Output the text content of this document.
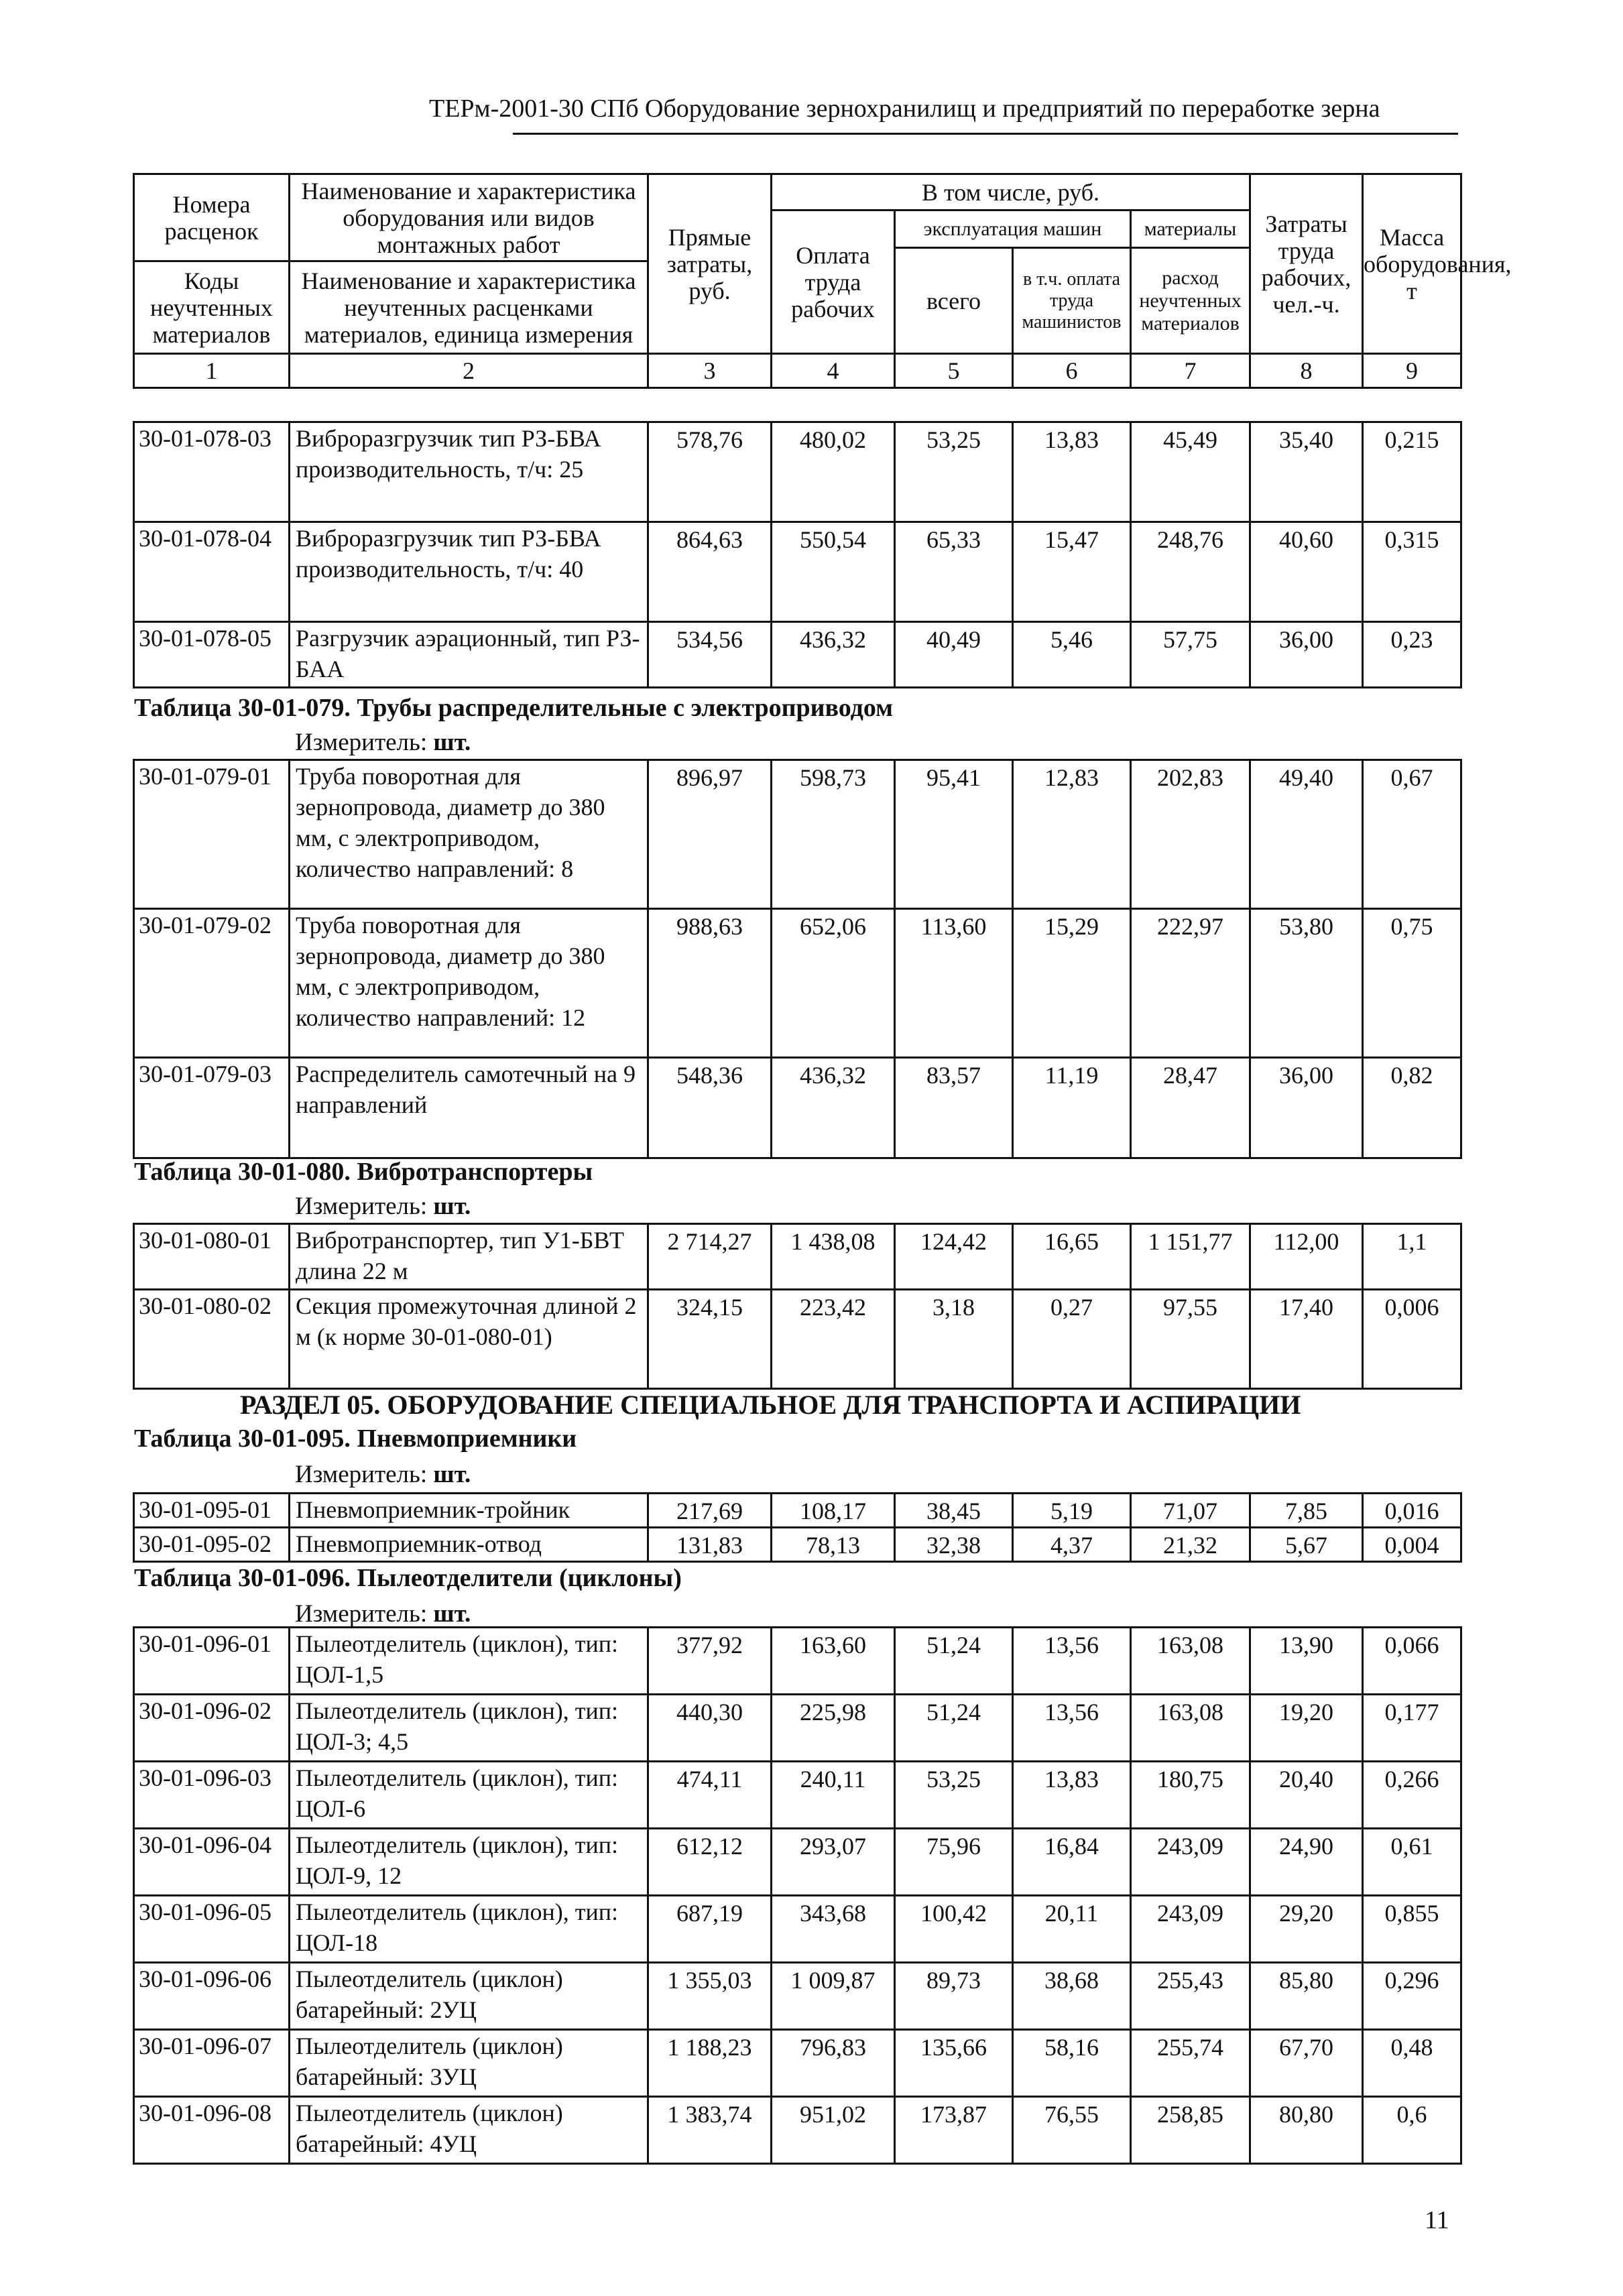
ТЕРм-2001-30 СПб Оборудование зернохранилищ и предприятий по переработке зерна
Номера расценок	Наименование и характеристика оборудования или видов монтажных работ	Прямые затраты, руб.	В том числе, руб.				Затраты труда рабочих, чел.-ч.	Масса оборудования, т
			Оплата труда рабочих	эксплуатация машин		материалы		
				всего	в т.ч. оплата труда машинистов	расход неучтенных материалов		
Коды неучтенных материалов	Наименование и характеристика неучтенных расценками материалов, единица измерения							

1	2	3	4	5	6	7	8	9
30-01-078-03	Виброразгрузчик тип РЗ-БВА производительность, т/ч: 25	578,76	480,02	53,25	13,83	45,49	35,40	0,215
30-01-078-04	Виброразгрузчик тип РЗ-БВА производительность, т/ч: 40	864,63	550,54	65,33	15,47	248,76	40,60	0,315
30-01-078-05	Разгрузчик аэрационный, тип РЗ-БАА	534,56	436,32	40,49	5,46	57,75	36,00	0,23
Таблица 30-01-079. Трубы распределительные с электроприводом
Измеритель: шт.
30-01-079-01	Труба поворотная для зернопровода, диаметр до 380 мм, с электроприводом, количество направлений: 8	896,97	598,73	95,41	12,83	202,83	49,40	0,67
30-01-079-02	Труба поворотная для зернопровода, диаметр до 380 мм, с электроприводом, количество направлений: 12	988,63	652,06	113,60	15,29	222,97	53,80	0,75
30-01-079-03	Распределитель самотечный на 9 направлений	548,36	436,32	83,57	11,19	28,47	36,00	0,82
Таблица 30-01-080. Вибротранспортеры
Измеритель: шт.
30-01-080-01	Вибротранспортер, тип У1-БВТ длина 22 м	2 714,27	1 438,08	124,42	16,65	1 151,77	112,00	1,1
30-01-080-02	Секция промежуточная длиной 2 м (к норме 30-01-080-01)	324,15	223,42	3,18	0,27	97,55	17,40	0,006
РАЗДЕЛ 05. ОБОРУДОВАНИЕ СПЕЦИАЛЬНОЕ ДЛЯ ТРАНСПОРТА И АСПИРАЦИИ
Таблица 30-01-095. Пневмоприемники
Измеритель: шт.
30-01-095-01	Пневмоприемник-тройник	217,69	108,17	38,45	5,19	71,07	7,85	0,016
30-01-095-02	Пневмоприемник-отвод	131,83	78,13	32,38	4,37	21,32	5,67	0,004
Таблица 30-01-096. Пылеотделители (циклоны)
Измеритель: шт.
30-01-096-01	Пылеотделитель (циклон), тип: ЦОЛ-1,5	377,92	163,60	51,24	13,56	163,08	13,90	0,066
30-01-096-02	Пылеотделитель (циклон), тип: ЦОЛ-3; 4,5	440,30	225,98	51,24	13,56	163,08	19,20	0,177
30-01-096-03	Пылеотделитель (циклон), тип: ЦОЛ-6	474,11	240,11	53,25	13,83	180,75	20,40	0,266
30-01-096-04	Пылеотделитель (циклон), тип: ЦОЛ-9, 12	612,12	293,07	75,96	16,84	243,09	24,90	0,61
30-01-096-05	Пылеотделитель (циклон), тип: ЦОЛ-18	687,19	343,68	100,42	20,11	243,09	29,20	0,855
30-01-096-06	Пылеотделитель (циклон) батарейный: 2УЦ	1 355,03	1 009,87	89,73	38,68	255,43	85,80	0,296
30-01-096-07	Пылеотделитель (циклон) батарейный: 3УЦ	1 188,23	796,83	135,66	58,16	255,74	67,70	0,48
30-01-096-08	Пылеотделитель (циклон) батарейный: 4УЦ	1 383,74	951,02	173,87	76,55	258,85	80,80	0,6
11
